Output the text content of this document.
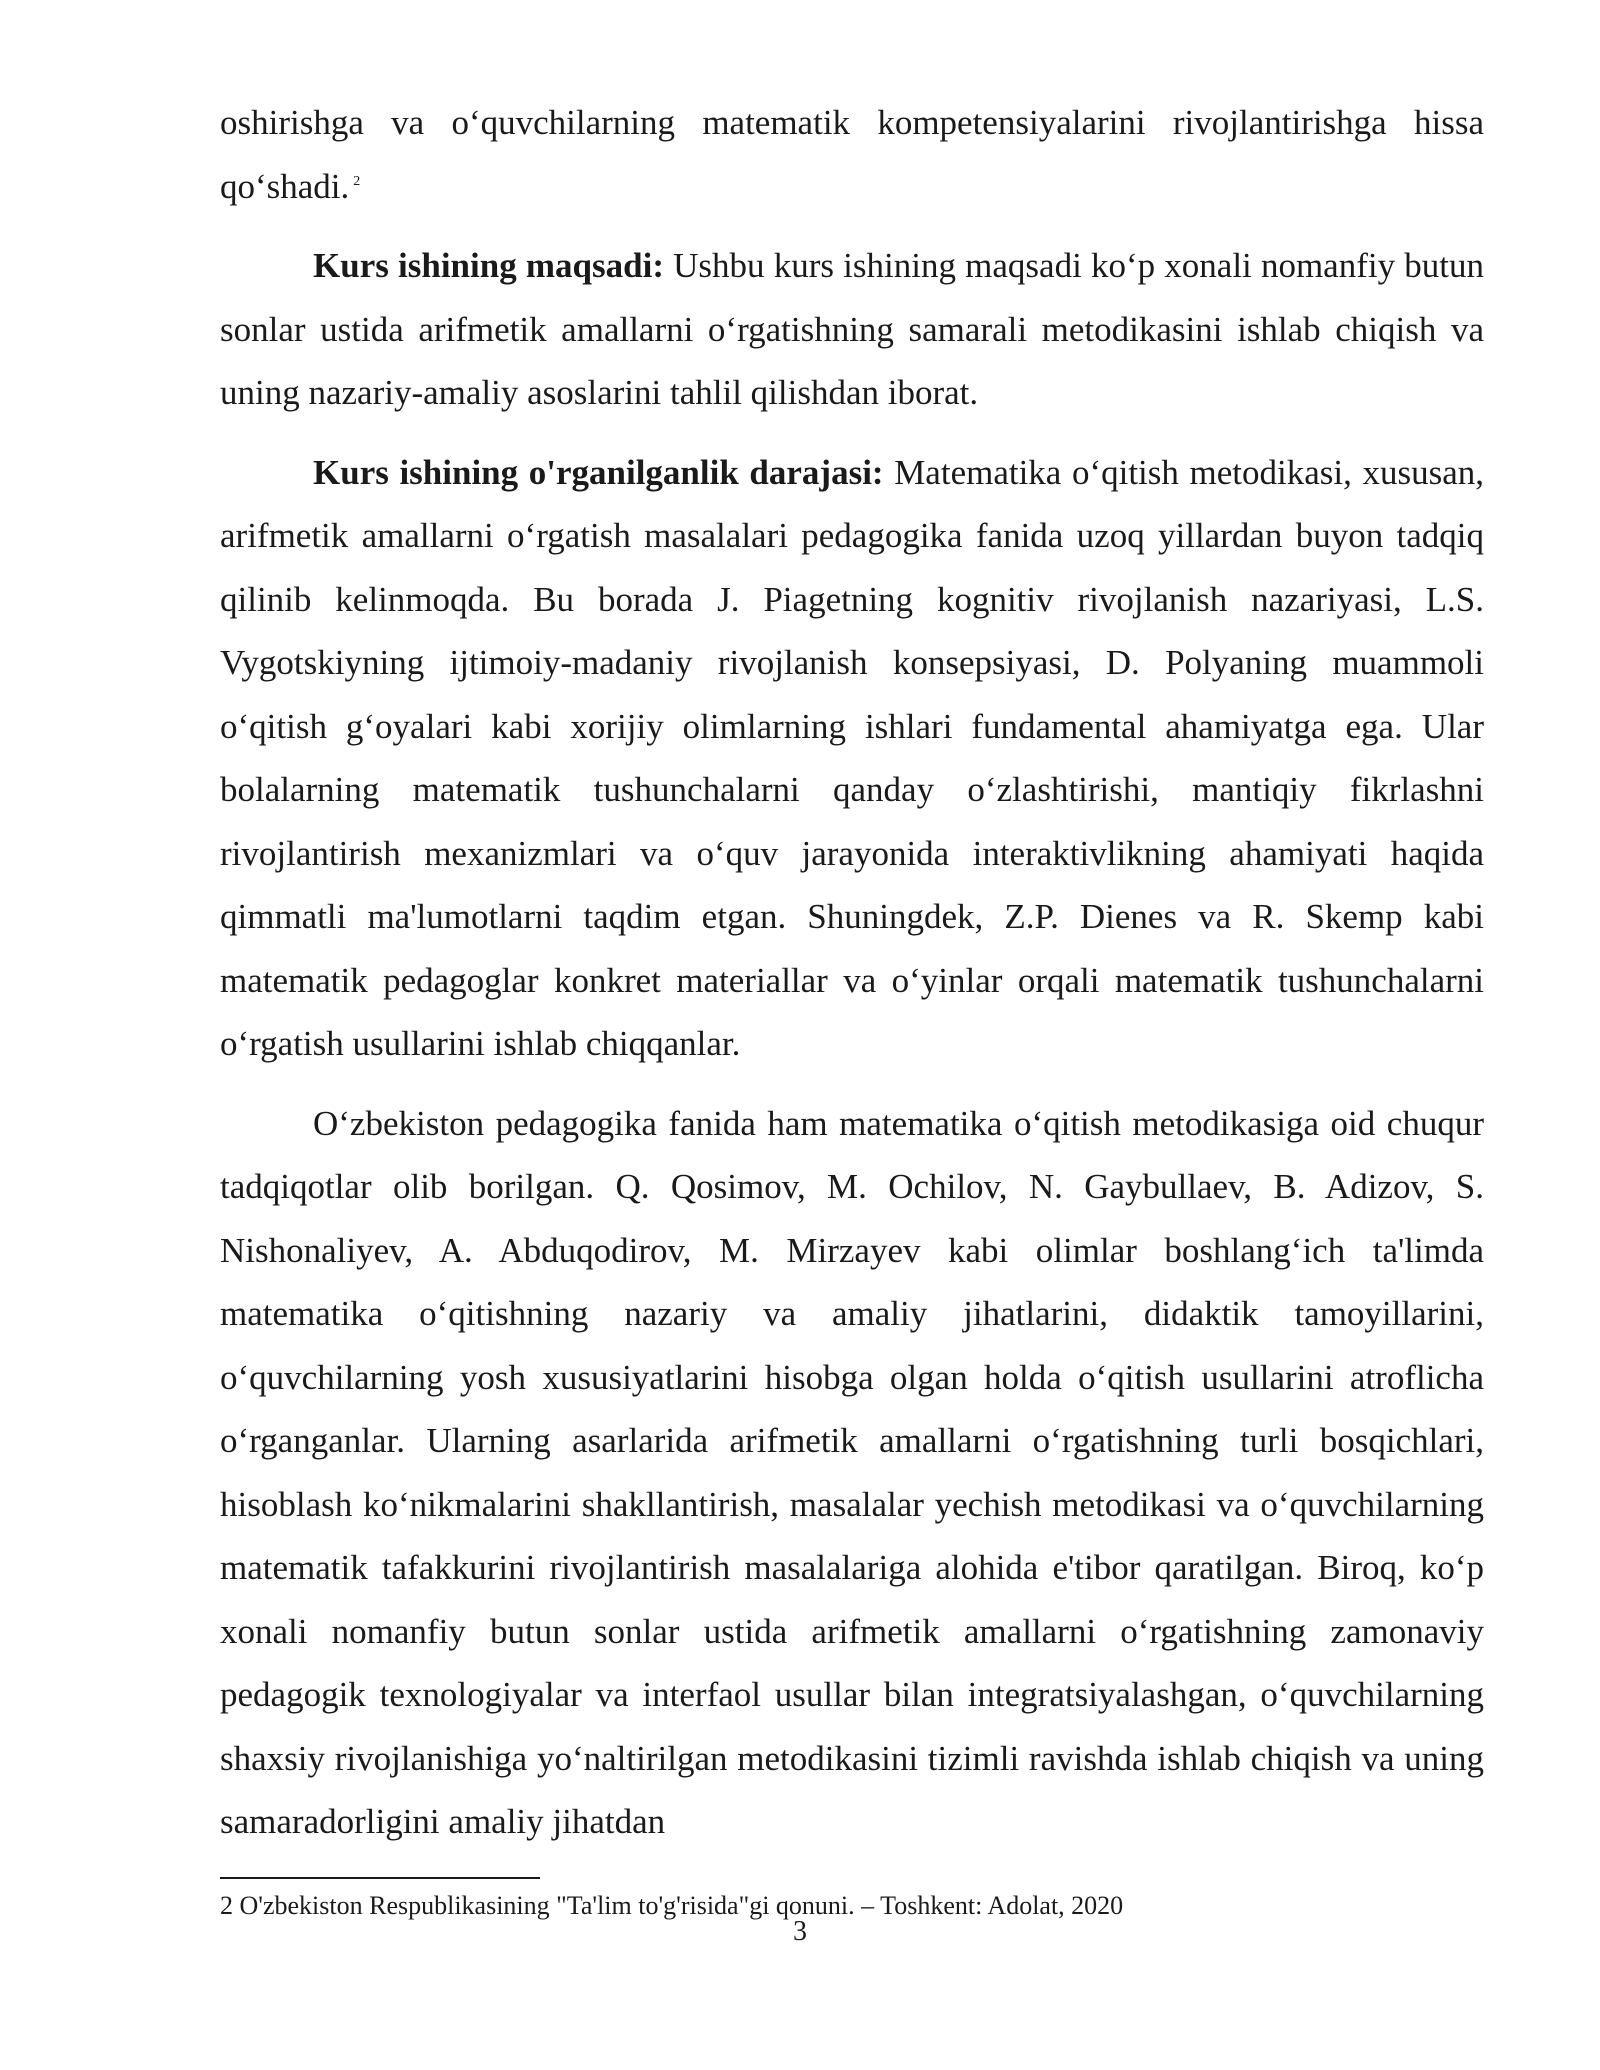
oshirishga va o‘quvchilarning matematik kompetensiyalarini rivojlantirishga hissa qo‘shadi. $^2$

Kurs ishining maqsadi: Ushbu kurs ishining maqsadi ko‘p xonali nomanfiy butun sonlar ustida arifmetik amallarni o‘rgatishning samarali metodikasini ishlab chiqish va uning nazariy-amaliy asoslarini tahlil qilishdan iborat.

Kurs ishining o'rganilganlik darajasi: Matematika o‘qitish metodikasi, xususan, arifmetik amallarni o‘rgatish masalalari pedagogika fanida uzoq yillardan buyon tadqiq qilinib kelinmoqda. Bu borada J. Piagetning kognitiv rivojlanish nazariyasi, L.S. Vygotskiyning ijtimoiy-madaniy rivojlanish konsepsiyasi, D. Polyaning muammoli o‘qitish g‘oyalari kabi xorijiy olimlarning ishlari fundamental ahamiyatga ega. Ular bolalarning matematik tushunchalarni qanday o‘zlashtirishi, mantiqiy fikrlashni rivojlantirish mexanizmlari va o‘quv jarayonida interaktivlikning ahamiyati haqida qimmatli ma'lumotlarni taqdim etgan. Shuningdek, Z.P. Dienes va R. Skemp kabi matematik pedagoglar konkret materiallar va o‘yinlar orqali matematik tushunchalarni o‘rgatish usullarini ishlab chiqqanlar.

O‘zbekiston pedagogika fanida ham matematika o‘qitish metodikasiga oid chuqur tadqiqotlar olib borilgan. Q. Qosimov, M. Ochilov, N. Gaybullaev, B. Adizov, S. Nishonaliyev, A. Abduqodirov, M. Mirzayev kabi olimlar boshlang‘ich ta'limda matematika o‘qitishning nazariy va amaliy jihatlarini, didaktik tamoyillarini, o‘quvchilarning yosh xususiyatlarini hisobga olgan holda o‘qitish usullarini atroflicha o‘rganganlar. Ularning asarlarida arifmetik amallarni o‘rgatishning turli bosqichlari, hisoblash ko‘nikmalarini shakllantirish, masalalar yechish metodikasi va o‘quvchilarning matematik tafakkurini rivojlantirish masalalariga alohida e'tibor qaratilgan. Biroq, ko‘p xonali nomanfiy butun sonlar ustida arifmetik amallarni o‘rgatishning zamonaviy pedagogik texnologiyalar va interfaol usullar bilan integratsiyalashgan, o‘quvchilarning shaxsiy rivojlanishiga yo‘naltirilgan metodikasini tizimli ravishda ishlab chiqish va uning samaradorligini amaliy jihatdan

2 O'zbekiston Respublikasining "Ta'lim to'g'risida"gi qonuni. – Toshkent: Adolat, 2020
3
